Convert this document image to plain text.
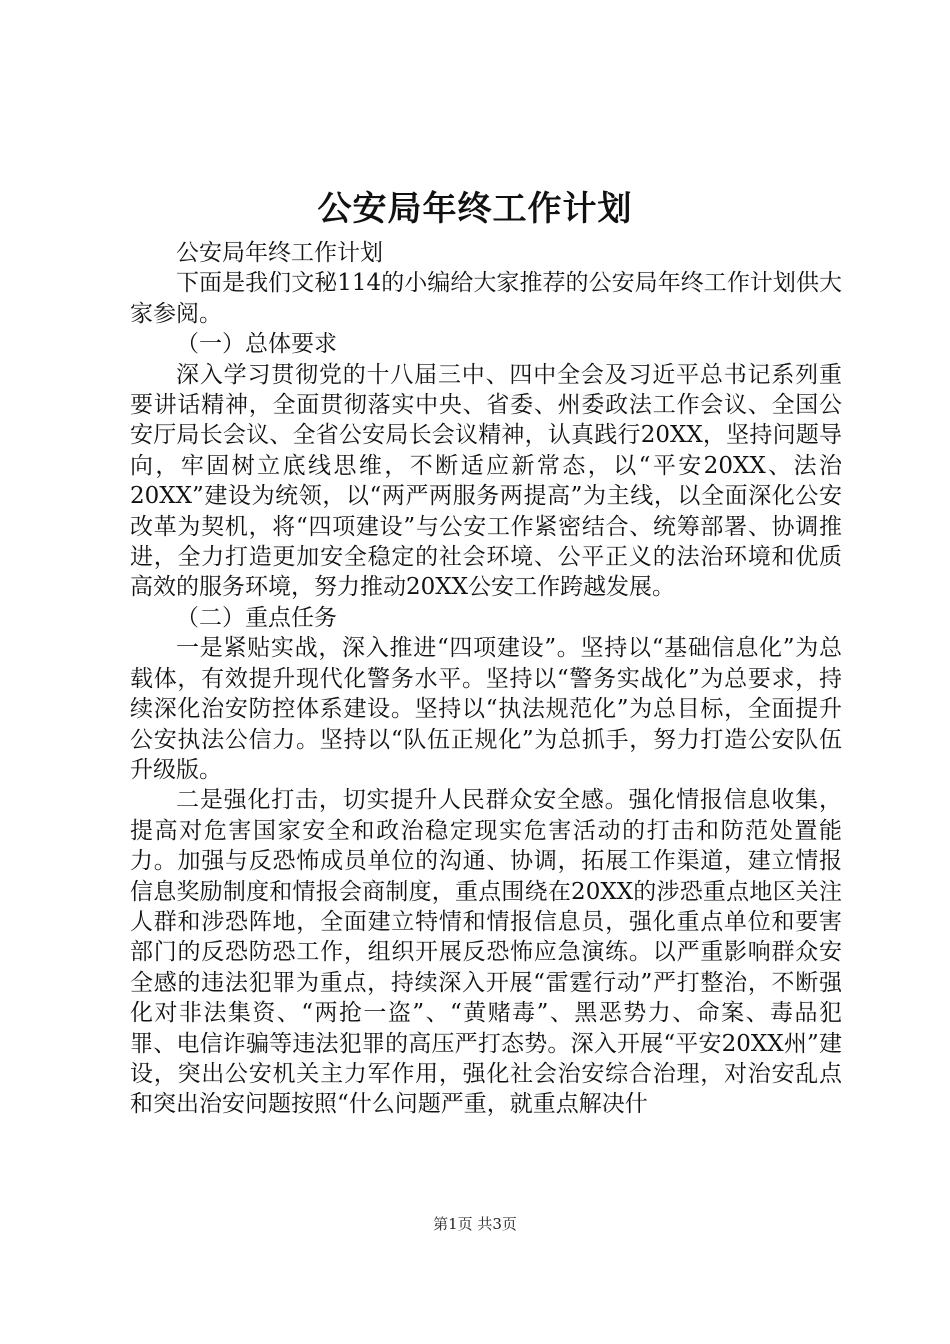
公安局年终工作计划

公安局年终工作计划

下面是我们文秘114的小编给大家推荐的公安局年终工作计划供大家参阅。

（一）总体要求

深入学习贯彻党的十八届三中、四中全会及习近平总书记系列重要讲话精神，全面贯彻落实中央、省委、州委政法工作会议、全国公安厅局长会议、全省公安局长会议精神，认真践行20XX，坚持问题导向，牢固树立底线思维，不断适应新常态，以“平安20XX、法治20XX”建设为统领，以“两严两服务两提高”为主线，以全面深化公安改革为契机，将“四项建设”与公安工作紧密结合、统筹部署、协调推进，全力打造更加安全稳定的社会环境、公平正义的法治环境和优质高效的服务环境，努力推动20XX公安工作跨越发展。

（二）重点任务

一是紧贴实战，深入推进“四项建设”。坚持以“基础信息化”为总载体，有效提升现代化警务水平。坚持以“警务实战化”为总要求，持续深化治安防控体系建设。坚持以“执法规范化”为总目标，全面提升公安执法公信力。坚持以“队伍正规化”为总抓手，努力打造公安队伍升级版。

二是强化打击，切实提升人民群众安全感。强化情报信息收集，提高对危害国家安全和政治稳定现实危害活动的打击和防范处置能力。加强与反恐怖成员单位的沟通、协调，拓展工作渠道，建立情报信息奖励制度和情报会商制度，重点围绕在20XX的涉恐重点地区关注人群和涉恐阵地，全面建立特情和情报信息员，强化重点单位和要害部门的反恐防恐工作，组织开展反恐怖应急演练。以严重影响群众安全感的违法犯罪为重点，持续深入开展“雷霆行动”严打整治，不断强化对非法集资、“两抢一盗”、“黄赌毒”、黑恶势力、命案、毒品犯罪、电信诈骗等违法犯罪的高压严打态势。深入开展“平安20XX州”建设，突出公安机关主力军作用，强化社会治安综合治理，对治安乱点和突出治安问题按照“什么问题严重，就重点解决什

第1页 共3页
